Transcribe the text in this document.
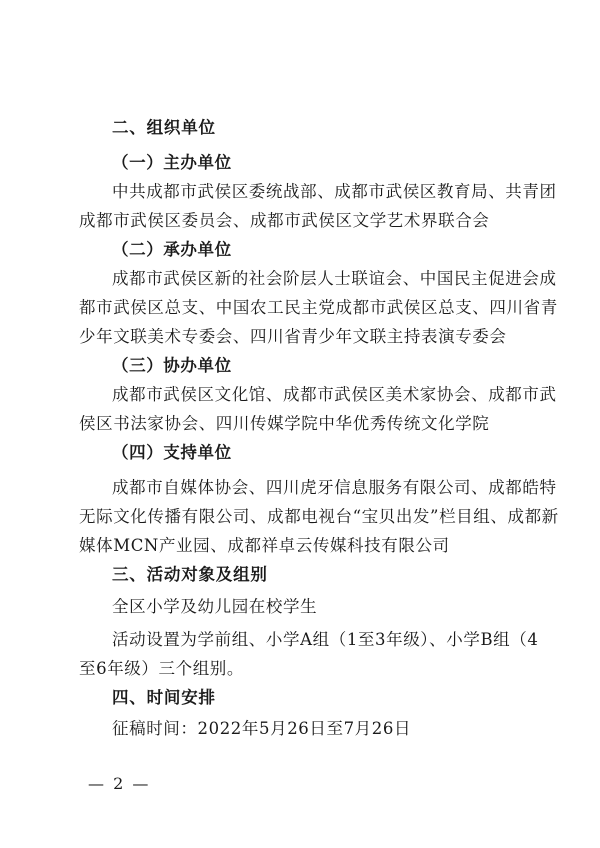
二、组织单位
（一）主办单位
中共成都市武侯区委统战部、成都市武侯区教育局、共青团
成都市武侯区委员会、成都市武侯区文学艺术界联合会
（二）承办单位
成都市武侯区新的社会阶层人士联谊会、中国民主促进会成
都市武侯区总支、中国农工民主党成都市武侯区总支、四川省青
少年文联美术专委会、四川省青少年文联主持表演专委会
（三）协办单位
成都市武侯区文化馆、成都市武侯区美术家协会、成都市武
侯区书法家协会、四川传媒学院中华优秀传统文化学院
（四）支持单位
成都市自媒体协会、四川虎牙信息服务有限公司、成都皓特
无际文化传播有限公司、成都电视台“宝贝出发”栏目组、成都新
媒体MCN产业园、成都祥卓云传媒科技有限公司
三、活动对象及组别
全区小学及幼儿园在校学生
活动设置为学前组、小学A组（1至3年级）、小学B组（4
至6年级）三个组别。
四、时间安排
征稿时间：2022年5月26日至7月26日
— 2 —
